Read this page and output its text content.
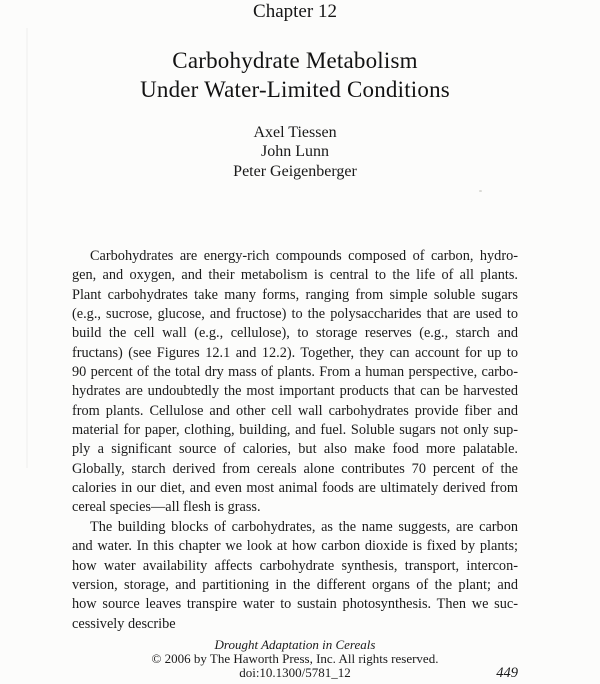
Chapter 12
Carbohydrate Metabolism
Under Water-Limited Conditions
Axel Tiessen
John Lunn
Peter Geigenberger
Carbohydrates are energy-rich compounds composed of carbon, hydro-
gen, and oxygen, and their metabolism is central to the life of all plants.
Plant carbohydrates take many forms, ranging from simple soluble sugars
(e.g., sucrose, glucose, and fructose) to the polysaccharides that are used to
build the cell wall (e.g., cellulose), to storage reserves (e.g., starch and
fructans) (see Figures 12.1 and 12.2). Together, they can account for up to
90 percent of the total dry mass of plants. From a human perspective, carbo-
hydrates are undoubtedly the most important products that can be harvested
from plants. Cellulose and other cell wall carbohydrates provide fiber and
material for paper, clothing, building, and fuel. Soluble sugars not only sup-
ply a significant source of calories, but also make food more palatable.
Globally, starch derived from cereals alone contributes 70 percent of the
calories in our diet, and even most animal foods are ultimately derived from
cereal species—all flesh is grass.
The building blocks of carbohydrates, as the name suggests, are carbon
and water. In this chapter we look at how carbon dioxide is fixed by plants;
how water availability affects carbohydrate synthesis, transport, intercon-
version, storage, and partitioning in the different organs of the plant; and
how source leaves transpire water to sustain photosynthesis. Then we suc-
cessively describe
Drought Adaptation in Cereals
© 2006 by The Haworth Press, Inc. All rights reserved.
doi:10.1300/5781_12	449
